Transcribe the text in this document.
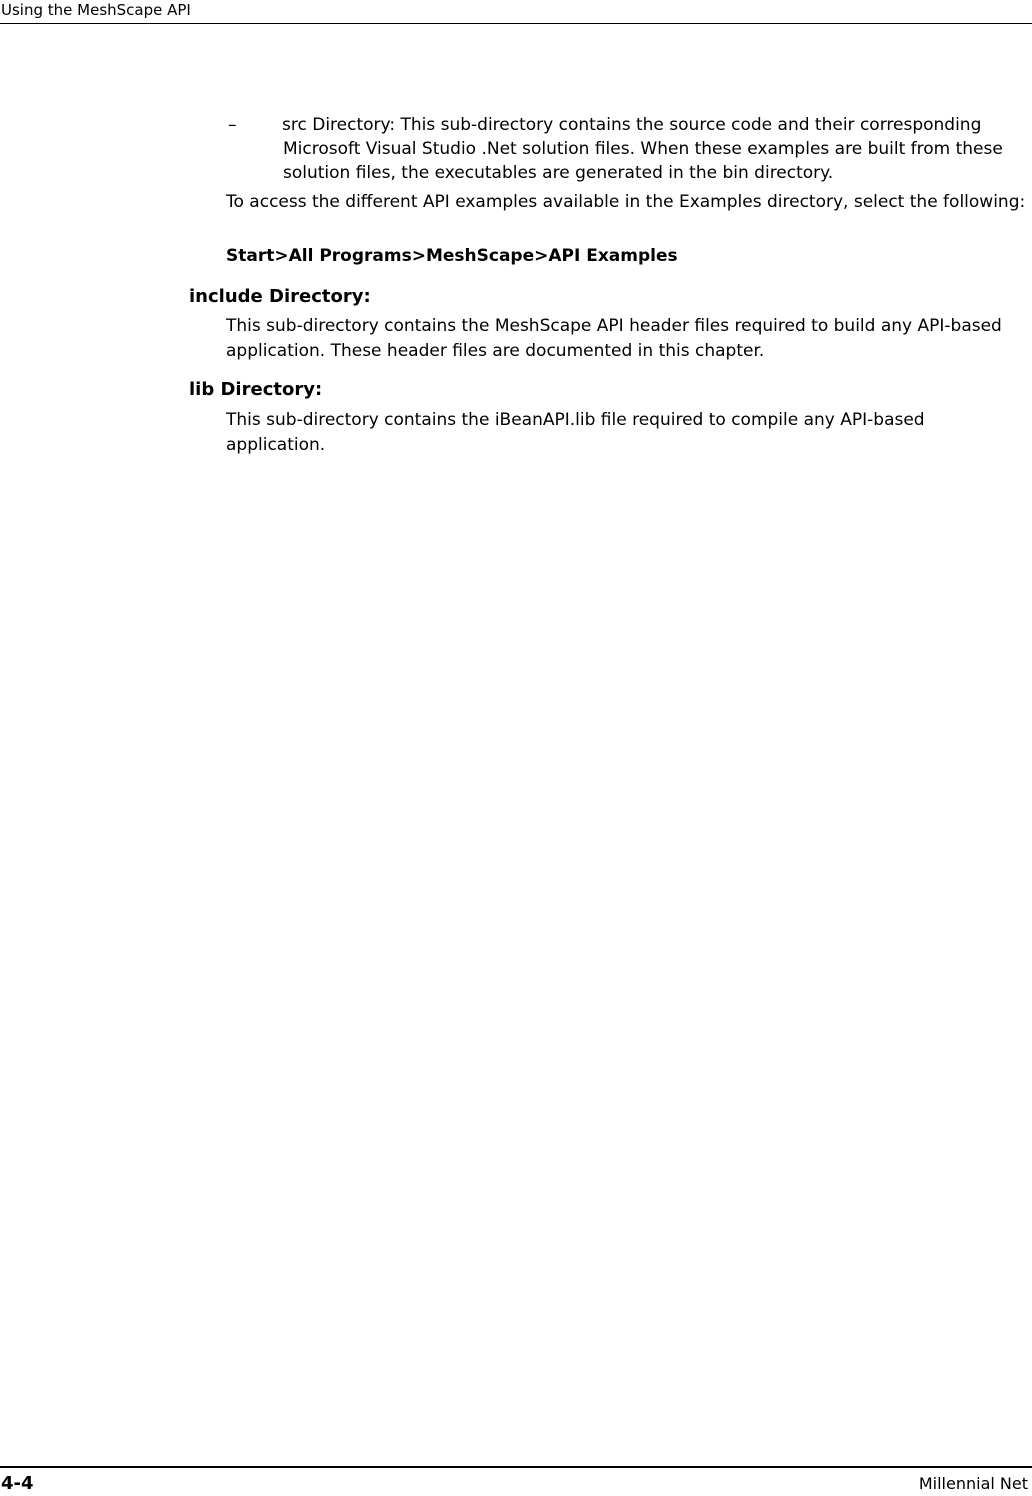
Using the MeshScape API
–	src Directory: This sub-directory contains the source code and their corresponding Microsoft Visual Studio .Net solution files. When these examples are built from these solution files, the executables are generated in the bin directory.
To access the different API examples available in the Examples directory, select the following:
Start>All Programs>MeshScape>API Examples
include Directory:
This sub-directory contains the MeshScape API header files required to build any API-based application. These header files are documented in this chapter.
lib Directory:
This sub-directory contains the iBeanAPI.lib file required to compile any API-based application.
4-4	Millennial Net
